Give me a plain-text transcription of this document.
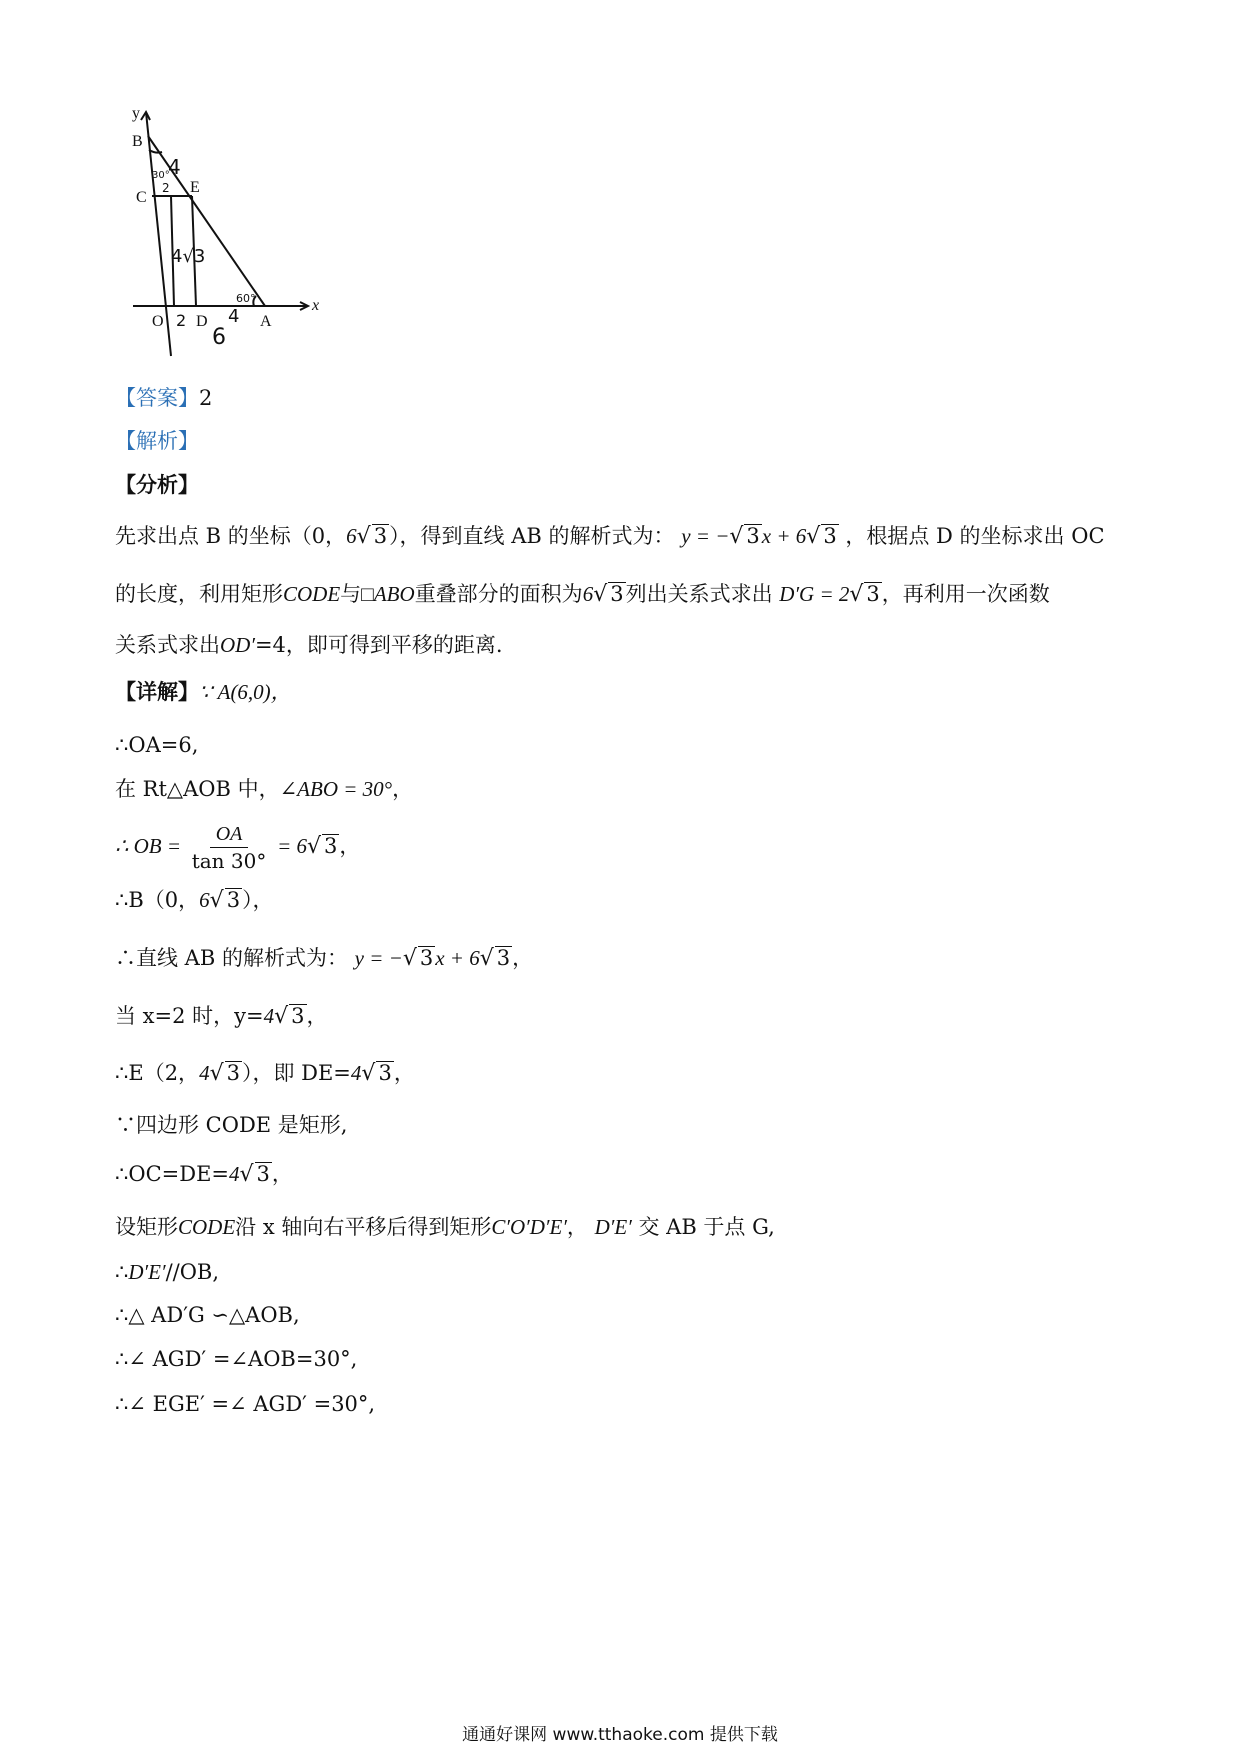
y
B
C
E
O D	A
x
30°
4
2
4√3
2 4
6
60°
【答案】2
【解析】
【分析】
先求出点 B 的坐标（0，6√ 3），得到直线 AB 的解析式为： y = −√ 3x + 6√ 3 ，根据点 D 的坐标求出 OC
的长度，利用矩形CODE与□ABO重叠部分的面积为6√ 3列出关系式求出 D′G = 2√ 3，再利用一次函数
关系式求出OD′=4，即可得到平移的距离.
【详解】∵ A(6,0)，
∴OA=6,
在 Rt△AOB 中，∠ABO = 30°，
∴ OB = $\frac{OA}{\tan 30^\circ} = 6√$ 3，
∴B（0，6√ 3），
∴直线 AB 的解析式为： y = −√ 3x + 6√ 3，
当 x=2 时，y=4√ 3，
∴E（2，4√ 3），即 DE=4√ 3，
∵四边形 CODE 是矩形,
∴OC=DE=4√ 3，
设矩形CODE沿 x 轴向右平移后得到矩形C′O′D′E′， D′E′ 交 AB 于点 G,
∴D′E′//OB,
∴△ AD′G ∽△AOB,
∴∠ AGD′ =∠AOB=30°,
∴∠ EGE′ =∠ AGD′ =30°,
通通好课网 www.tthaoke.com 提供下载
